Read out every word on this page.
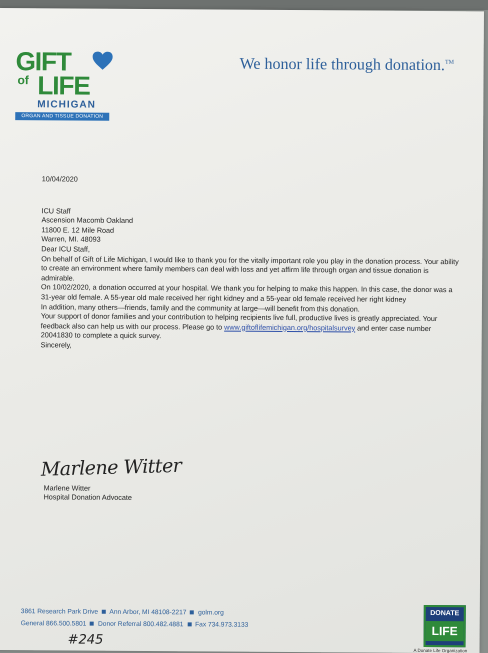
GIFT
of LIFE
MICHIGAN
ORGAN AND TISSUE DONATION
We honor life through donation.™

10/04/2020

ICU Staff

Ascension Macomb Oakland

11800 E. 12 Mile Road

Warren, MI. 48093

Dear ICU Staff,

On behalf of Gift of Life Michigan, I would like to thank you for the vitally important role you play in the donation process. Your ability to create an environment where family members can deal with loss and yet affirm life through organ and tissue donation is admirable.

On 10/02/2020, a donation occurred at your hospital. We thank you for helping to make this happen. In this case, the donor was a 31-year old female. A 55-year old male received her right kidney and a 55-year old female received her right kidney

In addition, many others—friends, family and the community at large—will benefit from this donation.

Your support of donor families and your contribution to helping recipients live full, productive lives is greatly appreciated. Your feedback also can help us with our process. Please go to www.giftoflifemichigan.org/hospitalsurvey and enter case number 20041830 to complete a quick survey.

Sincerely,

Marlene Witter
Marlene Witter
Hospital Donation Advocate
3861 Research Park Drive Ann Arbor, MI 48108-2217 golm.org
General 866.500.5801 Donor Referral 800.482.4881 Fax 734.973.3133
#245
DONATE
LIFE
A Donate Life Organization
